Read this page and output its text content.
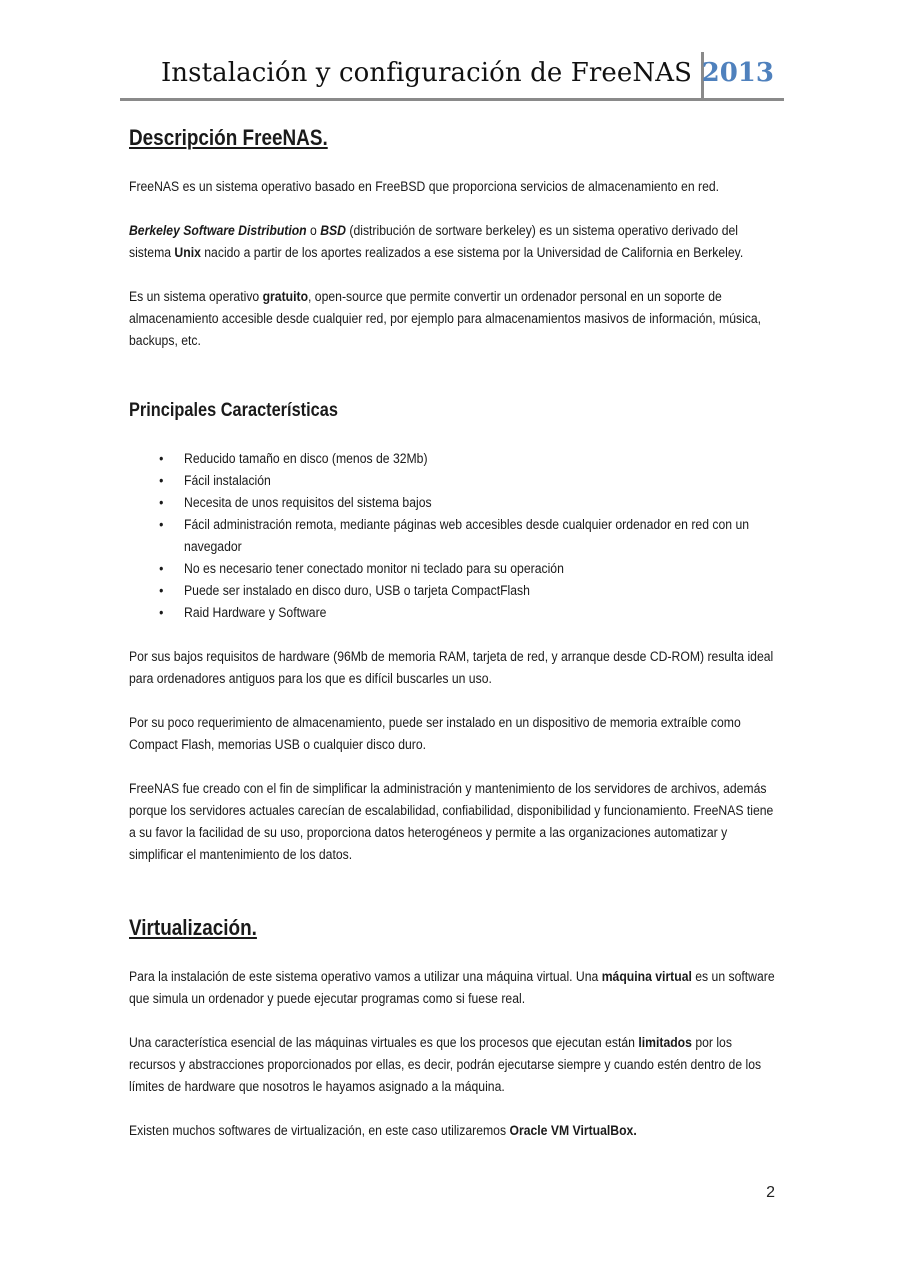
Instalación y configuración de FreeNAS 2013
Descripción FreeNAS.

FreeNAS es un sistema operativo basado en FreeBSD que proporciona servicios de almacenamiento en red.

Berkeley Software Distribution o BSD (distribución de sortware berkeley) es un sistema operativo derivado del sistema Unix nacido a partir de los aportes realizados a ese sistema por la Universidad de California en Berkeley.

Es un sistema operativo gratuito, open-source que permite convertir un ordenador personal en un soporte de almacenamiento accesible desde cualquier red, por ejemplo para almacenamientos masivos de información, música, backups, etc.

Principales Características
• Reducido tamaño en disco (menos de 32Mb)
• Fácil instalación
• Necesita de unos requisitos del sistema bajos
• Fácil administración remota, mediante páginas web accesibles desde cualquier ordenador en red con un navegador
• No es necesario tener conectado monitor ni teclado para su operación
• Puede ser instalado en disco duro, USB o tarjeta CompactFlash
• Raid Hardware y Software

Por sus bajos requisitos de hardware (96Mb de memoria RAM, tarjeta de red, y arranque desde CD-ROM) resulta ideal para ordenadores antiguos para los que es difícil buscarles un uso.

Por su poco requerimiento de almacenamiento, puede ser instalado en un dispositivo de memoria extraíble como Compact Flash, memorias USB o cualquier disco duro.

FreeNAS fue creado con el fin de simplificar la administración y mantenimiento de los servidores de archivos, además porque los servidores actuales carecían de escalabilidad, confiabilidad, disponibilidad y funcionamiento. FreeNAS tiene a su favor la facilidad de su uso, proporciona datos heterogéneos y permite a las organizaciones automatizar y simplificar el mantenimiento de los datos.

Virtualización.

Para la instalación de este sistema operativo vamos a utilizar una máquina virtual. Una máquina virtual es un software que simula un ordenador y puede ejecutar programas como si fuese real.

Una característica esencial de las máquinas virtuales es que los procesos que ejecutan están limitados por los recursos y abstracciones proporcionados por ellas, es decir, podrán ejecutarse siempre y cuando estén dentro de los límites de hardware que nosotros le hayamos asignado a la máquina.

Existen muchos softwares de virtualización, en este caso utilizaremos Oracle VM VirtualBox.

2
